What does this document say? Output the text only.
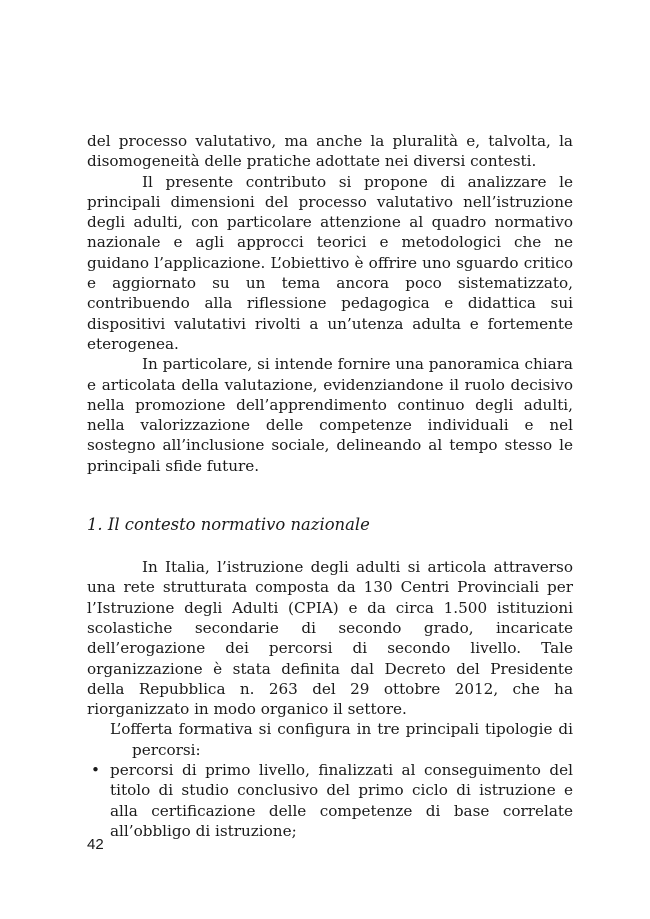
del processo valutativo, ma anche la pluralità e, talvolta, la disomogeneità delle pratiche adottate nei diversi contesti.

Il presente contributo si propone di analizzare le principali dimensioni del processo valutativo nell’istruzione degli adulti, con particolare attenzione al quadro normativo nazionale e agli approcci teorici e metodologici che ne guidano l’applicazione. L’obiettivo è offrire uno sguardo critico e aggiornato su un tema ancora poco sistematizzato, contribuendo alla riflessione pedagogica e didattica sui dispositivi valutativi rivolti a un’utenza adulta e fortemente eterogenea.

In particolare, si intende fornire una panoramica chiara e articolata della valutazione, evidenziandone il ruolo decisivo nella promozione dell’apprendimento continuo degli adulti, nella valorizzazione delle competenze individuali e nel sostegno all’inclusione sociale, delineando al tempo stesso le principali sfide future.

1. Il contesto normativo nazionale

In Italia, l’istruzione degli adulti si articola attraverso una rete strutturata composta da 130 Centri Provinciali per l’Istruzione degli Adulti (CPIA) e da circa 1.500 istituzioni scolastiche secondarie di secondo grado, incaricate dell’erogazione dei percorsi di secondo livello. Tale organizzazione è stata definita dal Decreto del Presidente della Repubblica n. 263 del 29 ottobre 2012, che ha riorganizzato in modo organico il settore.

L’offerta formativa si configura in tre principali tipologie di percorsi:

• percorsi di primo livello, finalizzati al conseguimento del titolo di studio conclusivo del primo ciclo di istruzione e alla certificazione delle competenze di base correlate all’obbligo di istruzione;
42
